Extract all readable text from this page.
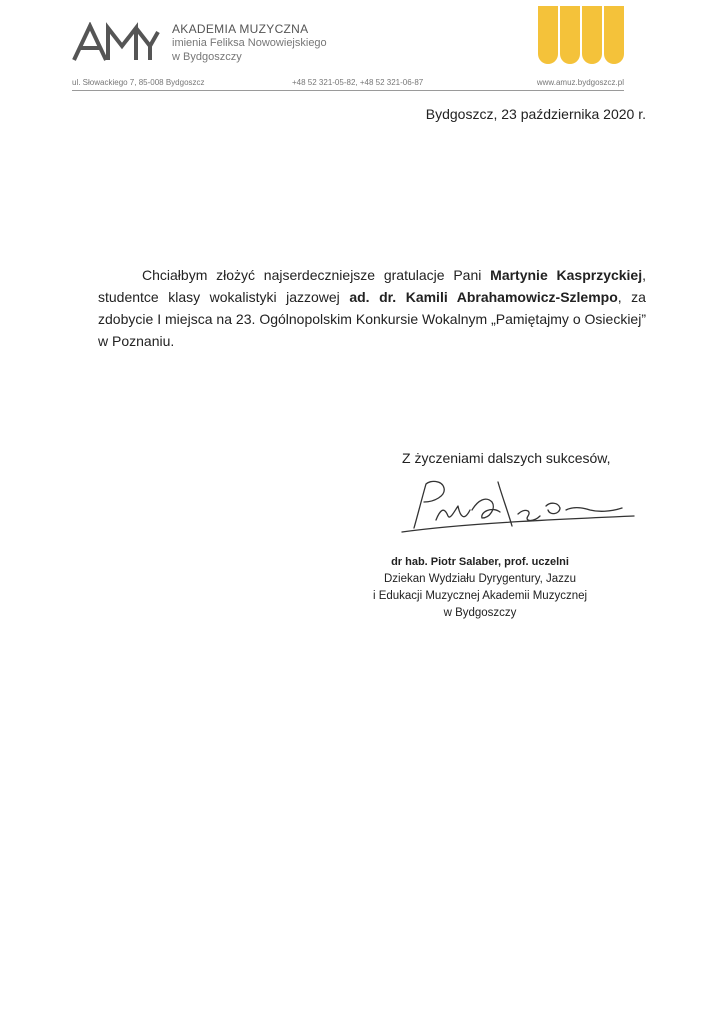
AKADEMIA MUZYCZNA
imienia Feliksa Nowowiejskiego
w Bydgoszczy
ul. Słowackiego 7, 85-008 Bydgoszcz	+48 52 321-05-82, +48 52 321-06-87	www.amuz.bydgoszcz.pl
Bydgoszcz, 23 października 2020 r.
Chciałbym złożyć najserdeczniejsze gratulacje Pani Martynie Kasprzyckiej, studentce klasy wokalistyki jazzowej ad. dr. Kamili Abrahamowicz-Szlempo, za zdobycie I miejsca na 23. Ogólnopolskim Konkursie Wokalnym „Pamiętajmy o Osieckiej” w Poznaniu.
Z życzeniami dalszych sukcesów,
dr hab. Piotr Salaber, prof. uczelni
Dziekan Wydziału Dyrygentury, Jazzu
i Edukacji Muzycznej Akademii Muzycznej
w Bydgoszczy
